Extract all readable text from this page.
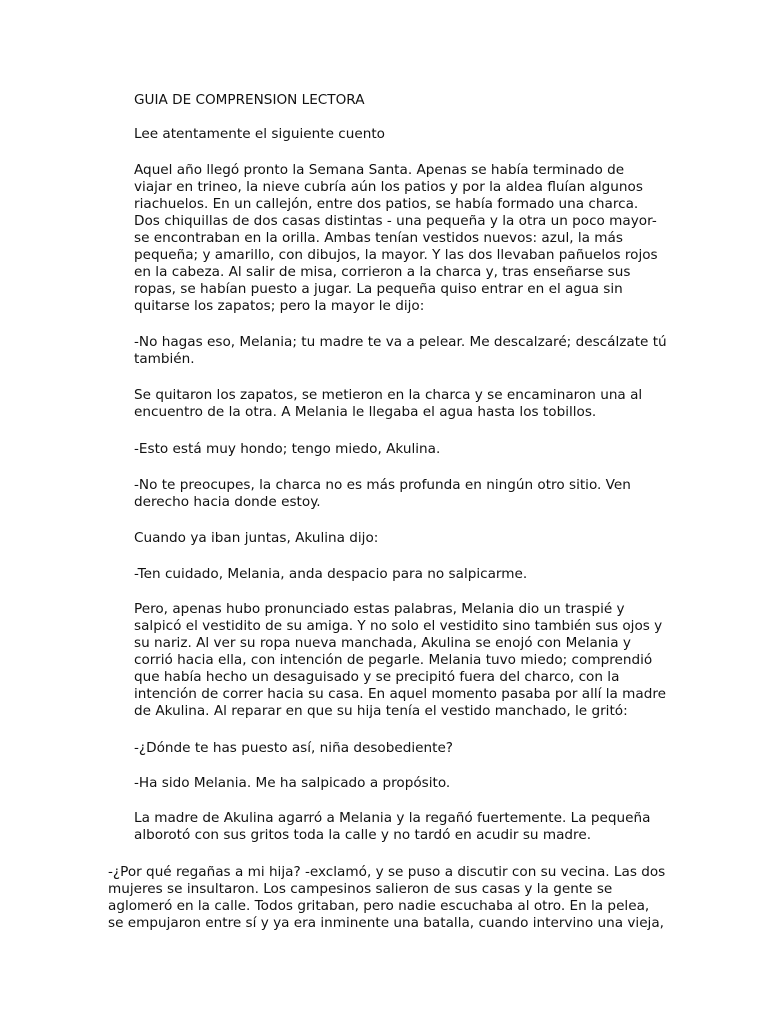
GUIA DE COMPRENSION LECTORA
Lee atentamente el siguiente cuento
Aquel año llegó pronto la Semana Santa. Apenas se había terminado de
viajar en trineo, la nieve cubría aún los patios y por la aldea fluían algunos
riachuelos. En un callejón, entre dos patios, se había formado una charca.
Dos chiquillas de dos casas distintas - una pequeña y la otra un poco mayor-
se encontraban en la orilla. Ambas tenían vestidos nuevos: azul, la más
pequeña; y amarillo, con dibujos, la mayor. Y las dos llevaban pañuelos rojos
en la cabeza. Al salir de misa, corrieron a la charca y, tras enseñarse sus
ropas, se habían puesto a jugar. La pequeña quiso entrar en el agua sin
quitarse los zapatos; pero la mayor le dijo:
-No hagas eso, Melania; tu madre te va a pelear. Me descalzaré; descálzate tú
también.
Se quitaron los zapatos, se metieron en la charca y se encaminaron una al
encuentro de la otra. A Melania le llegaba el agua hasta los tobillos.
-Esto está muy hondo; tengo miedo, Akulina.
-No te preocupes, la charca no es más profunda en ningún otro sitio. Ven
derecho hacia donde estoy.
Cuando ya iban juntas, Akulina dijo:
-Ten cuidado, Melania, anda despacio para no salpicarme.
Pero, apenas hubo pronunciado estas palabras, Melania dio un traspié y
salpicó el vestidito de su amiga. Y no solo el vestidito sino también sus ojos y
su nariz. Al ver su ropa nueva manchada, Akulina se enojó con Melania y
corrió hacia ella, con intención de pegarle. Melania tuvo miedo; comprendió
que había hecho un desaguisado y se precipitó fuera del charco, con la
intención de correr hacia su casa. En aquel momento pasaba por allí la madre
de Akulina. Al reparar en que su hija tenía el vestido manchado, le gritó:
-¿Dónde te has puesto así, niña desobediente?
-Ha sido Melania. Me ha salpicado a propósito.
La madre de Akulina agarró a Melania y la regañó fuertemente. La pequeña
alborotó con sus gritos toda la calle y no tardó en acudir su madre.
-¿Por qué regañas a mi hija? -exclamó, y se puso a discutir con su vecina. Las dos
mujeres se insultaron. Los campesinos salieron de sus casas y la gente se
aglomeró en la calle. Todos gritaban, pero nadie escuchaba al otro. En la pelea,
se empujaron entre sí y ya era inminente una batalla, cuando intervino una vieja,
